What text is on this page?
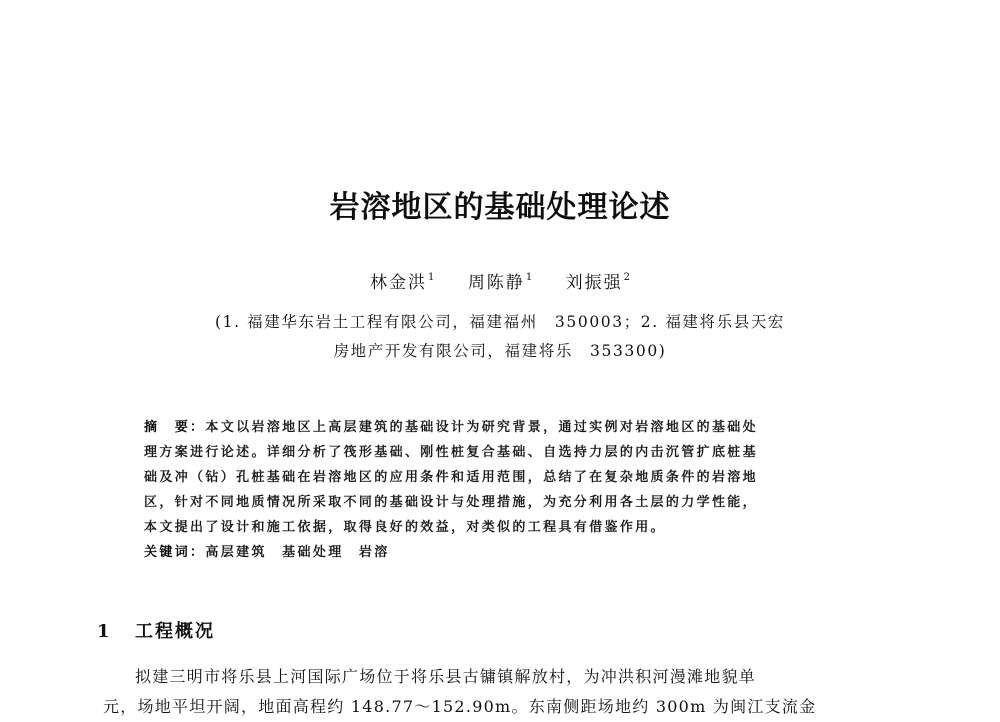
岩溶地区的基础处理论述
林金洪$^1$ 周陈静$^1$ 刘振强$^2$
(1. 福建华东岩土工程有限公司，福建福州　350003；2. 福建将乐县天宏
房地产开发有限公司，福建将乐　353300)
摘　要：本文以岩溶地区上高层建筑的基础设计为研究背景，通过实例对岩溶地区的基础处
理方案进行论述。详细分析了筏形基础、刚性桩复合基础、自选持力层的内击沉管扩底桩基
础及冲（钻）孔桩基础在岩溶地区的应用条件和适用范围，总结了在复杂地质条件的岩溶地
区，针对不同地质情况所采取不同的基础设计与处理措施，为充分利用各土层的力学性能，
本文提出了设计和施工依据，取得良好的效益，对类似的工程具有借鉴作用。
关键词：高层建筑　基础处理　岩溶
1 工程概况
拟建三明市将乐县上河国际广场位于将乐县古镛镇解放村，为冲洪积河漫滩地貌单
元，场地平坦开阔，地面高程约 148.77～152.90m。东南侧距场地约 300m 为闽江支流金
